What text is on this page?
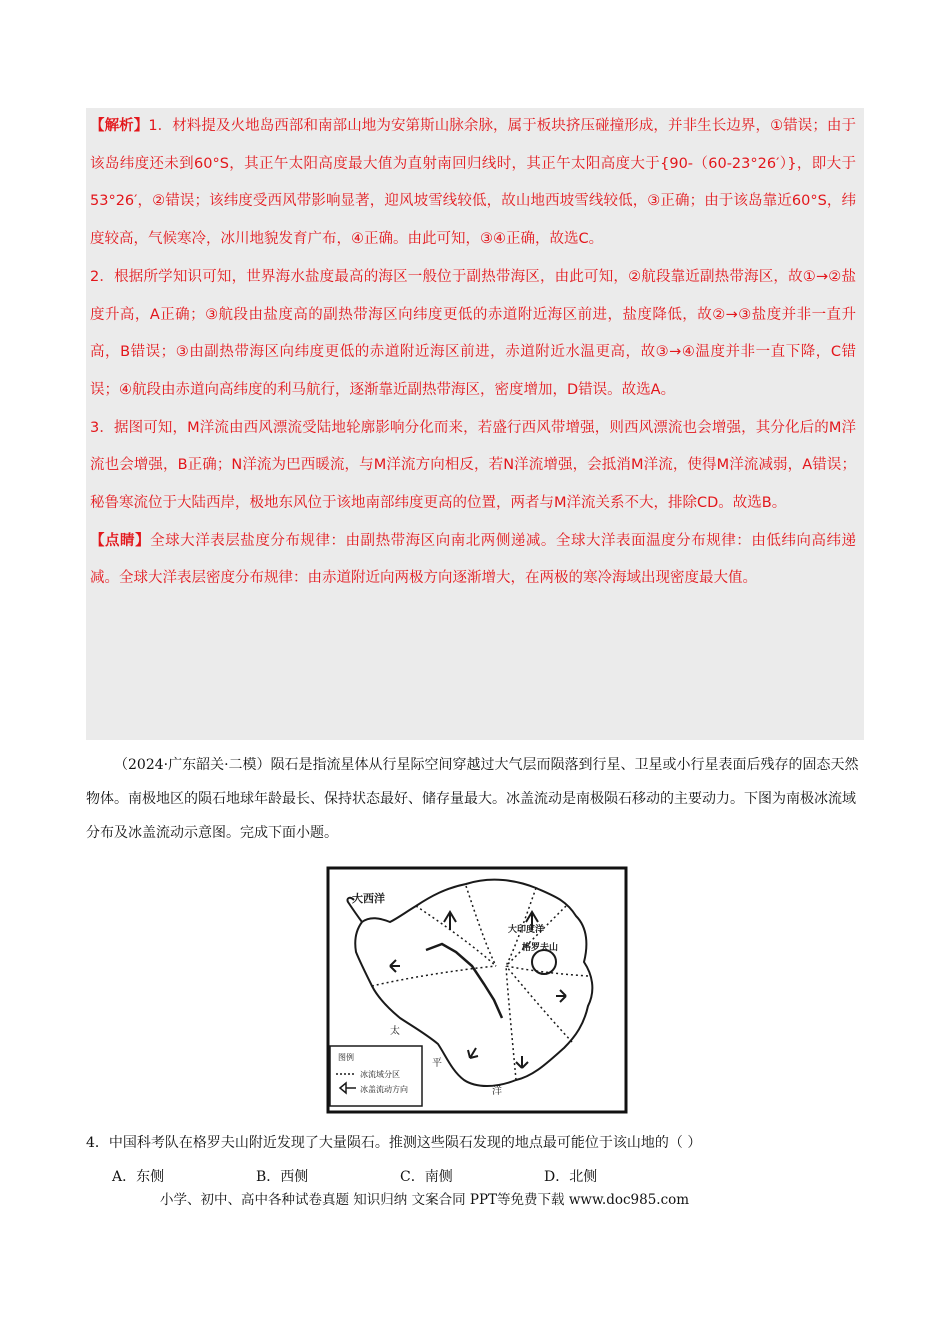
【解析】1．材料提及火地岛西部和南部山地为安第斯山脉余脉，属于板块挤压碰撞形成，并非生长边界，①错误；由于该岛纬度还未到60°S，其正午太阳高度最大值为直射南回归线时，其正午太阳高度大于{90-（60-23°26′）}，即大于53°26′，②错误；该纬度受西风带影响显著，迎风坡雪线较低，故山地西坡雪线较低，③正确；由于该岛靠近60°S，纬度较高，气候寒冷，冰川地貌发育广布，④正确。由此可知，③④正确，故选C。

2．根据所学知识可知，世界海水盐度最高的海区一般位于副热带海区，由此可知，②航段靠近副热带海区，故①→②盐度升高，A正确；③航段由盐度高的副热带海区向纬度更低的赤道附近海区前进，盐度降低，故②→③盐度并非一直升高，B错误；③由副热带海区向纬度更低的赤道附近海区前进，赤道附近水温更高，故③→④温度并非一直下降，C错误；④航段由赤道向高纬度的利马航行，逐渐靠近副热带海区，密度增加，D错误。故选A。

3．据图可知，M洋流由西风漂流受陆地轮廓影响分化而来，若盛行西风带增强，则西风漂流也会增强，其分化后的M洋流也会增强，B正确；N洋流为巴西暖流，与M洋流方向相反，若N洋流增强，会抵消M洋流，使得M洋流减弱，A错误；秘鲁寒流位于大陆西岸，极地东风位于该地南部纬度更高的位置，两者与M洋流关系不大，排除CD。故选B。

【点睛】全球大洋表层盐度分布规律：由副热带海区向南北两侧递减。全球大洋表面温度分布规律：由低纬向高纬递减。全球大洋表层密度分布规律：由赤道附近向两极方向逐渐增大，在两极的寒冷海域出现密度最大值。

（2024·广东韶关·二模）陨石是指流星体从行星际空间穿越过大气层而陨落到行星、卫星或小行星表面后残存的固态天然物体。南极地区的陨石地球年龄最长、保持状态最好、储存量最大。冰盖流动是南极陨石移动的主要动力。下图为南极冰流域分布及冰盖流动示意图。完成下面小题。

大西洋
大印度洋
格罗夫山
太
平
洋
图例
冰流域分区
冰盖流动方向

4．中国科考队在格罗夫山附近发现了大量陨石。推测这些陨石发现的地点最可能位于该山地的（ ）

A．东侧	B．西侧	C．南侧	D．北侧
小学、初中、高中各种试卷真题 知识归纳 文案合同 PPT等免费下载 www.doc985.com
